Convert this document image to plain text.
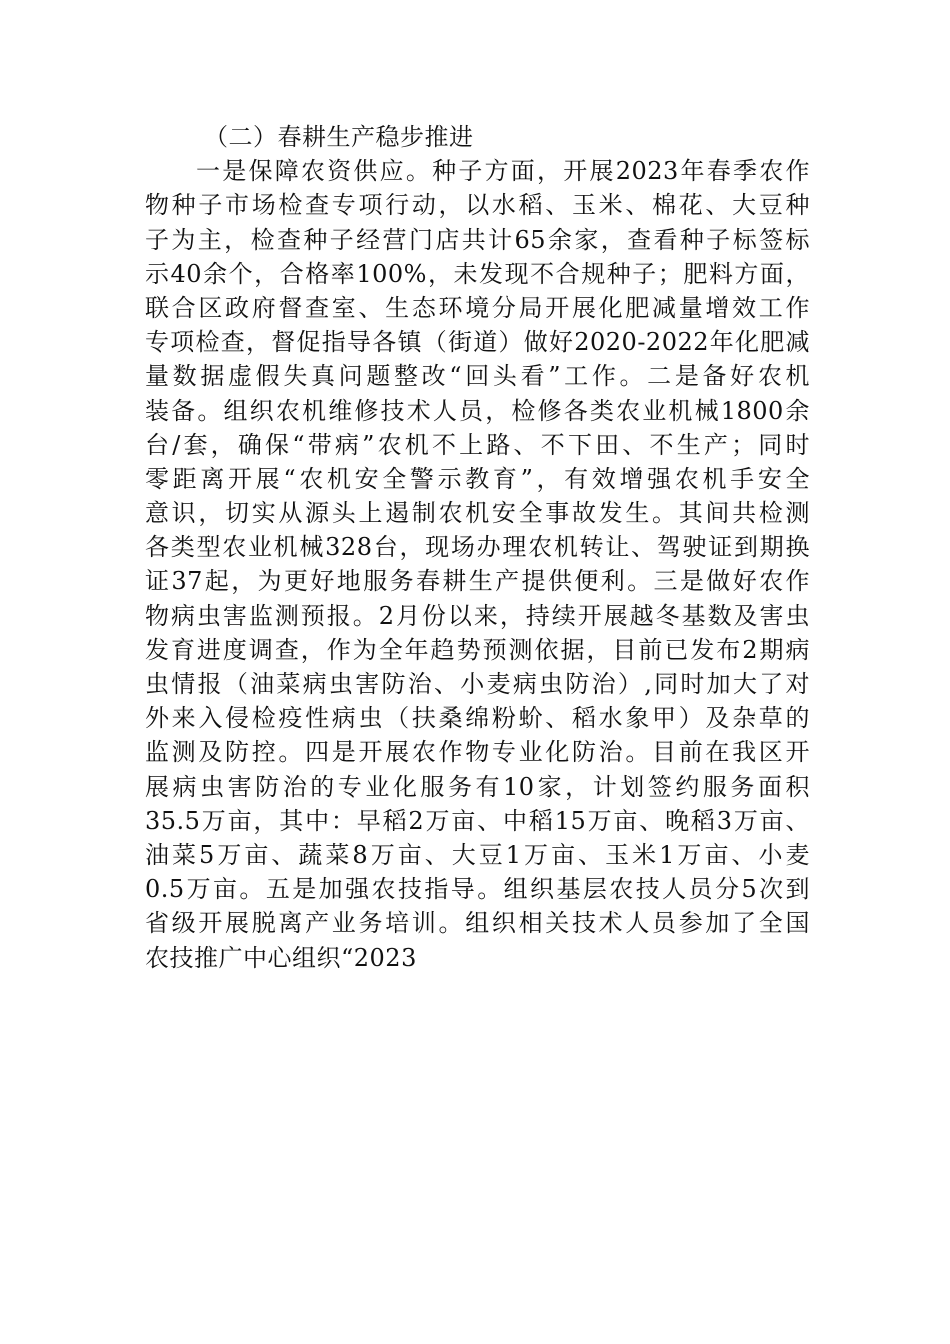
（二）春耕生产稳步推进
一是保障农资供应。种子方面，开展2023年春季农作
物种子市场检查专项行动，以水稻、玉米、棉花、大豆种
子为主，检查种子经营门店共计65余家，查看种子标签标
示40余个，合格率100%，未发现不合规种子；肥料方面，
联合区政府督查室、生态环境分局开展化肥减量增效工作
专项检查，督促指导各镇（街道）做好2020-2022年化肥减
量数据虚假失真问题整改“回头看”工作。二是备好农机
装备。组织农机维修技术人员，检修各类农业机械1800余
台/套，确保“带病”农机不上路、不下田、不生产；同时
零距离开展“农机安全警示教育”，有效增强农机手安全
意识，切实从源头上遏制农机安全事故发生。其间共检测
各类型农业机械328台，现场办理农机转让、驾驶证到期换
证37起，为更好地服务春耕生产提供便利。三是做好农作
物病虫害监测预报。2月份以来，持续开展越冬基数及害虫
发育进度调查，作为全年趋势预测依据，目前已发布2期病
虫情报（油菜病虫害防治、小麦病虫防治）,同时加大了对
外来入侵检疫性病虫（扶桑绵粉蚧、稻水象甲）及杂草的
监测及防控。四是开展农作物专业化防治。目前在我区开
展病虫害防治的专业化服务有10家，计划签约服务面积
35.5万亩，其中：早稻2万亩、中稻15万亩、晚稻3万亩、
油菜5万亩、蔬菜8万亩、大豆1万亩、玉米1万亩、小麦
0.5万亩。五是加强农技指导。组织基层农技人员分5次到
省级开展脱离产业务培训。组织相关技术人员参加了全国
农技推广中心组织“2023
